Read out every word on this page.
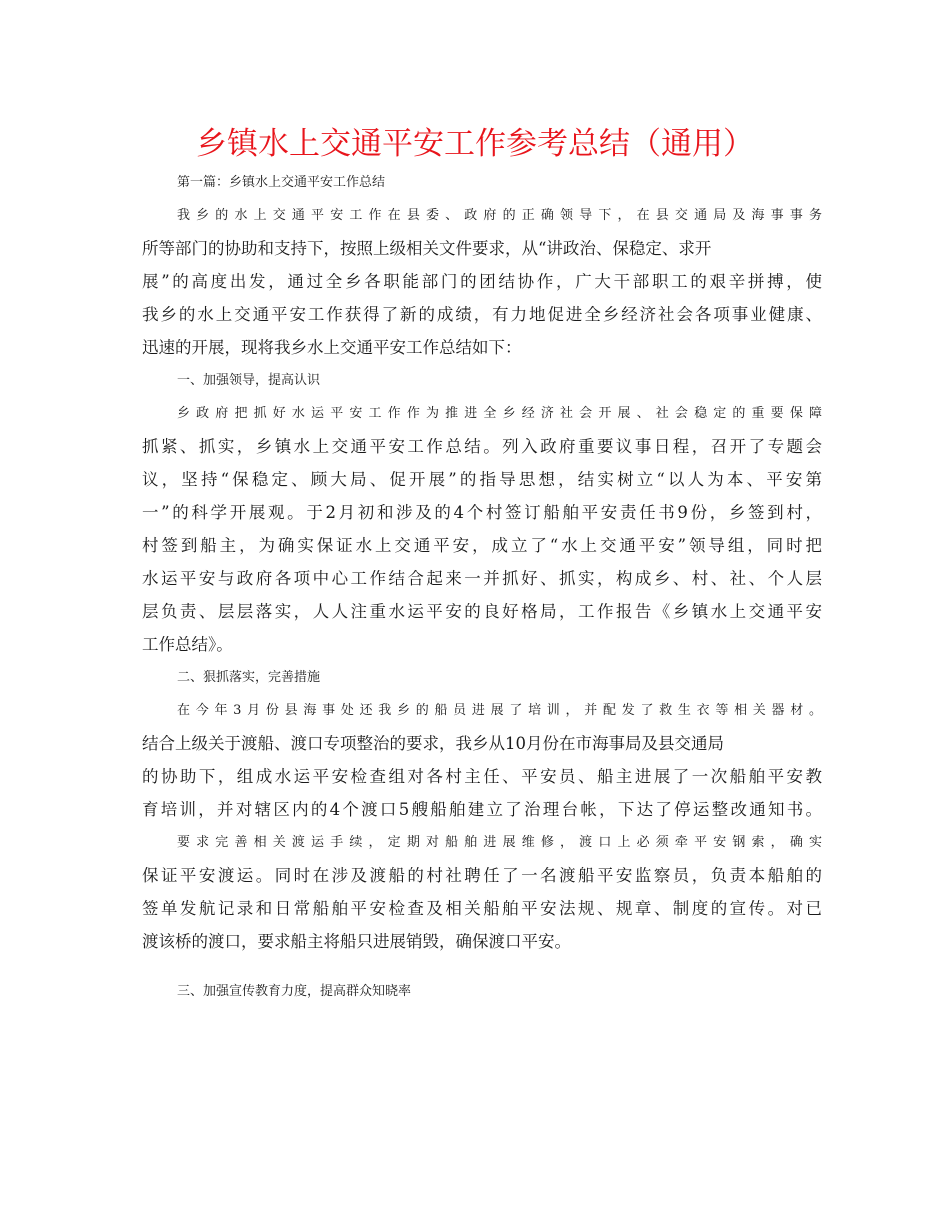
乡镇水上交通平安工作参考总结（通用）
第一篇：乡镇水上交通平安工作总结
我乡的水上交通平安工作在县委、政府的正确领导下，在县交通局及海事事务
所等部门的协助和支持下，按照上级相关文件要求，从“讲政治、保稳定、求开
展”的高度出发，通过全乡各职能部门的团结协作，广大干部职工的艰辛拼搏，使
我乡的水上交通平安工作获得了新的成绩，有力地促进全乡经济社会各项事业健康、
迅速的开展，现将我乡水上交通平安工作总结如下：
一、加强领导，提高认识
乡政府把抓好水运平安工作作为推进全乡经济社会开展、社会稳定的重要保障
抓紧、抓实，乡镇水上交通平安工作总结。列入政府重要议事日程，召开了专题会
议，坚持“保稳定、顾大局、促开展”的指导思想，结实树立“以人为本、平安第
一”的科学开展观。于2月初和涉及的4个村签订船舶平安责任书9份，乡签到村，
村签到船主，为确实保证水上交通平安，成立了“水上交通平安”领导组，同时把
水运平安与政府各项中心工作结合起来一并抓好、抓实，构成乡、村、社、个人层
层负责、层层落实，人人注重水运平安的良好格局，工作报告《乡镇水上交通平安
工作总结》。
二、狠抓落实，完善措施
在今年3月份县海事处还我乡的船员进展了培训，并配发了救生衣等相关器材。
结合上级关于渡船、渡口专项整治的要求，我乡从10月份在市海事局及县交通局
的协助下，组成水运平安检查组对各村主任、平安员、船主进展了一次船舶平安教
育培训，并对辖区内的4个渡口5艘船舶建立了治理台帐，下达了停运整改通知书。
要求完善相关渡运手续，定期对船舶进展维修，渡口上必须牵平安钢索，确实
保证平安渡运。同时在涉及渡船的村社聘任了一名渡船平安监察员，负责本船舶的
签单发航记录和日常船舶平安检查及相关船舶平安法规、规章、制度的宣传。对已
渡该桥的渡口，要求船主将船只进展销毁，确保渡口平安。
三、加强宣传教育力度，提高群众知晓率
